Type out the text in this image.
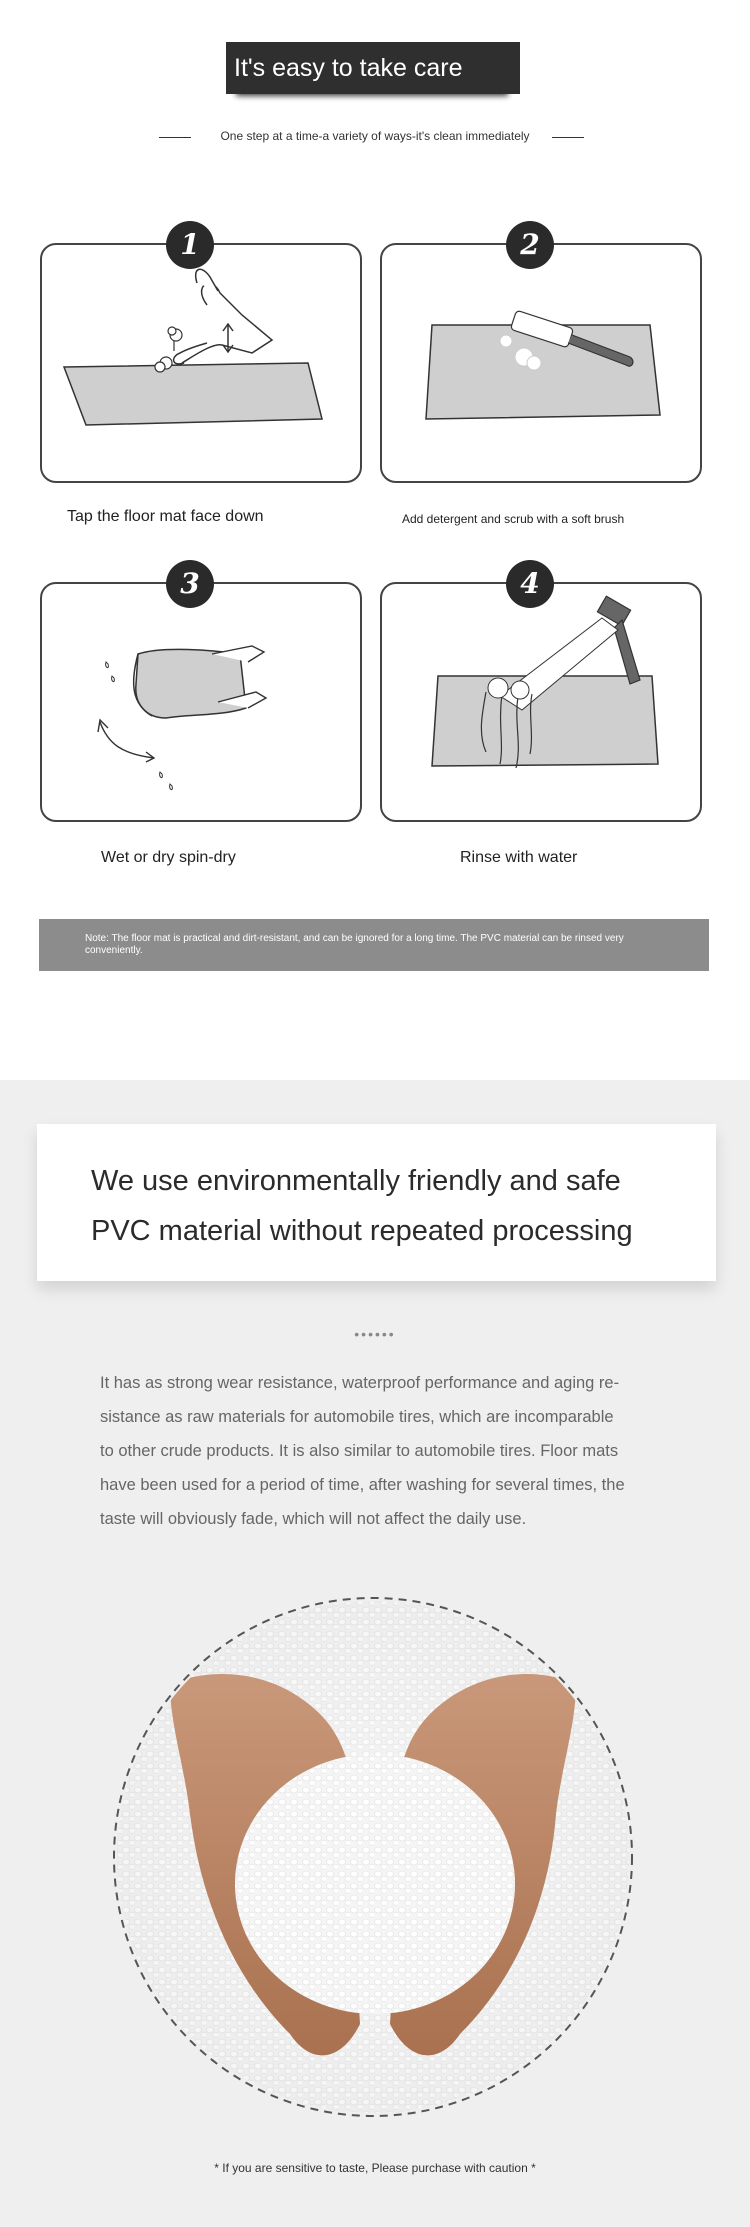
It's easy to take care
One step at a time-a variety of ways-it's clean immediately
1
Tap the floor mat face down
2
Add detergent and scrub with a soft brush
3
Wet or dry spin-dry
4
Rinse with water
Note: The floor mat is practical and dirt-resistant, and can be ignored for a long time. The PVC material can be rinsed very conveniently.
We use environmentally friendly and safe
PVC material without repeated processing
••••••
It has as strong wear resistance, waterproof performance and aging re-
sistance as raw materials for automobile tires, which are incomparable
to other crude products. It is also similar to automobile tires. Floor mats
have been used for a period of time, after washing for several times, the
taste will obviously fade, which will not affect the daily use.
* If you are sensitive to taste, Please purchase with caution *
